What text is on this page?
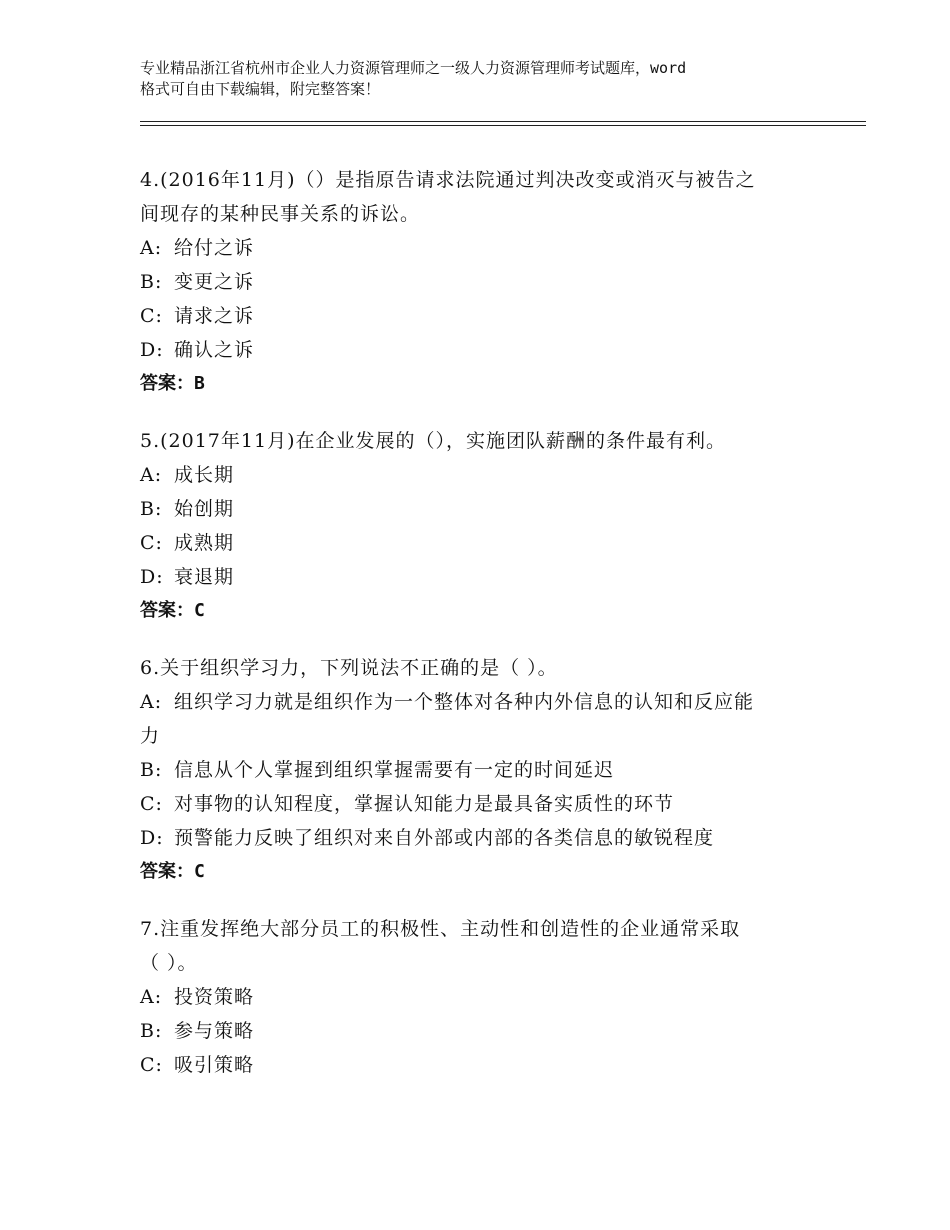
专业精品浙江省杭州市企业人力资源管理师之一级人力资源管理师考试题库，word
格式可自由下载编辑，附完整答案！
4.(2016年11月)（）是指原告请求法院通过判决改变或消灭与被告之
间现存的某种民事关系的诉讼。
A: 给付之诉
B: 变更之诉
C: 请求之诉
D: 确认之诉
答案：B
5.(2017年11月)在企业发展的（），实施团队薪酬的条件最有利。
A: 成长期
B: 始创期
C: 成熟期
D: 衰退期
答案：C
6.关于组织学习力，下列说法不正确的是（ ）。
A: 组织学习力就是组织作为一个整体对各种内外信息的认知和反应能
力
B: 信息从个人掌握到组织掌握需要有一定的时间延迟
C: 对事物的认知程度，掌握认知能力是最具备实质性的环节
D: 预警能力反映了组织对来自外部或内部的各类信息的敏锐程度
答案：C
7.注重发挥绝大部分员工的积极性、主动性和创造性的企业通常采取
（ ）。
A: 投资策略
B: 参与策略
C: 吸引策略
